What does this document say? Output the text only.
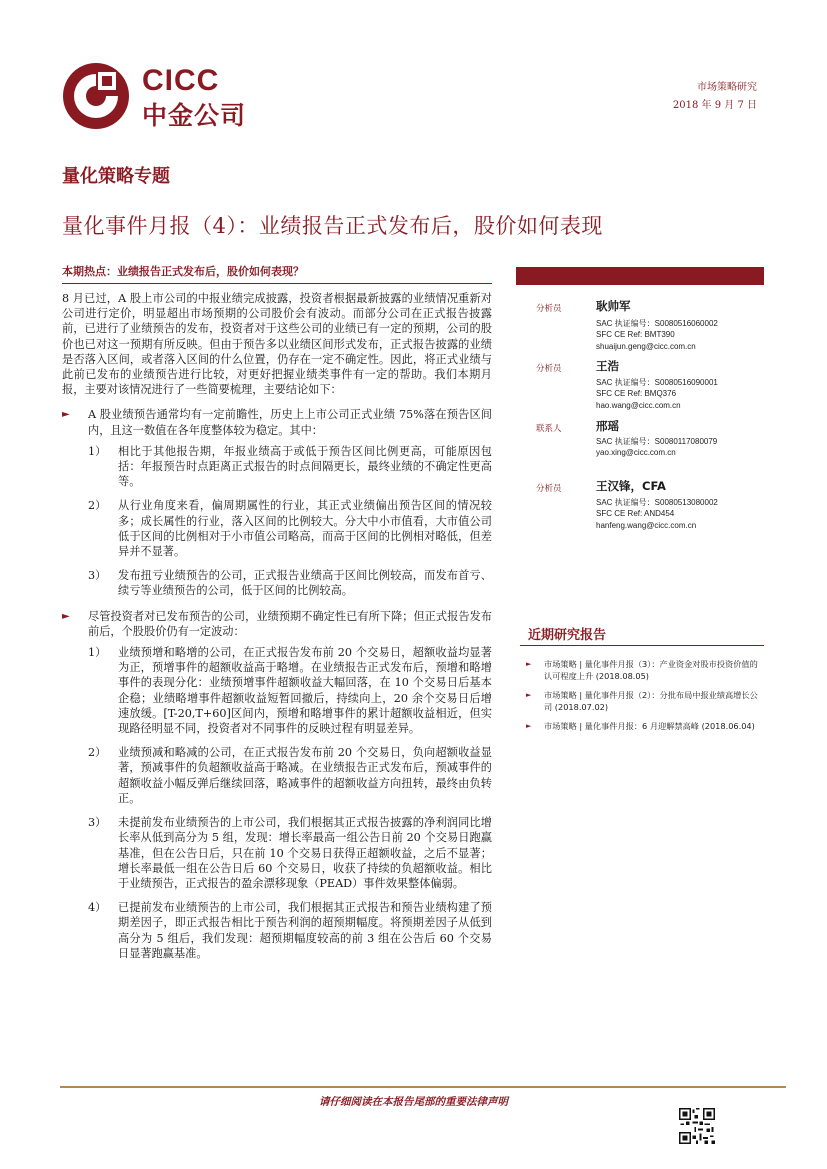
CICC
中金公司
市场策略研究
2018 年 9 月 7 日
量化策略专题
量化事件月报（4）：业绩报告正式发布后，股价如何表现
本期热点：业绩报告正式发布后，股价如何表现？

8 月已过，A 股上市公司的中报业绩完成披露，投资者根据最新披露的业绩情况重新对公司进行定价，明显超出市场预期的公司股价会有波动。而部分公司在正式报告披露前，已进行了业绩预告的发布，投资者对于这些公司的业绩已有一定的预期，公司的股价也已对这一预期有所反映。但由于预告多以业绩区间形式发布，正式报告披露的业绩是否落入区间，或者落入区间的什么位置，仍存在一定不确定性。因此，将正式业绩与此前已发布的业绩预告进行比较，对更好把握业绩类事件有一定的帮助。我们本期月报，主要对该情况进行了一些简要梳理，主要结论如下：

► A 股业绩预告通常均有一定前瞻性，历史上上市公司正式业绩 75%落在预告区间内，且这一数值在各年度整体较为稳定。其中：
1） 相比于其他报告期，年报业绩高于或低于预告区间比例更高，可能原因包括：年报预告时点距离正式报告的时点间隔更长，最终业绩的不确定性更高等。
2） 从行业角度来看，偏周期属性的行业，其正式业绩偏出预告区间的情况较多；成长属性的行业，落入区间的比例较大。分大中小市值看，大市值公司低于区间的比例相对于小市值公司略高，而高于区间的比例相对略低，但差异并不显著。
3） 发布扭亏业绩预告的公司，正式报告业绩高于区间比例较高，而发布首亏、续亏等业绩预告的公司，低于区间的比例较高。
► 尽管投资者对已发布预告的公司，业绩预期不确定性已有所下降；但正式报告发布前后，个股股价仍有一定波动：
1） 业绩预增和略增的公司，在正式报告发布前 20 个交易日，超额收益均显著为正，预增事件的超额收益高于略增。在业绩报告正式发布后，预增和略增事件的表现分化：业绩预增事件超额收益大幅回落，在 10 个交易日后基本企稳；业绩略增事件超额收益短暂回撤后，持续向上，20 余个交易日后增速放缓。[T-20,T+60]区间内，预增和略增事件的累计超额收益相近，但实现路径明显不同，投资者对不同事件的反映过程有明显差异。
2） 业绩预减和略减的公司，在正式报告发布前 20 个交易日，负向超额收益显著，预减事件的负超额收益高于略减。在业绩报告正式发布后，预减事件的超额收益小幅反弹后继续回落，略减事件的超额收益方向扭转，最终由负转正。
3） 未提前发布业绩预告的上市公司，我们根据其正式报告披露的净利润同比增长率从低到高分为 5 组，发现：增长率最高一组公告日前 20 个交易日跑赢基准，但在公告日后，只在前 10 个交易日获得正超额收益，之后不显著；增长率最低一组在公告日后 60 个交易日，收获了持续的负超额收益。相比于业绩预告，正式报告的盈余漂移现象（PEAD）事件效果整体偏弱。
4） 已提前发布业绩预告的上市公司，我们根据其正式报告和预告业绩构建了预期差因子，即正式报告相比于预告利润的超预期幅度。将预期差因子从低到高分为 5 组后，我们发现：超预期幅度较高的前 3 组在公告后 60 个交易日显著跑赢基准。
分析员	耿帅军
SAC 执证编号：S0080516060002
SFC CE Ref: BMT390
shuaijun.geng@cicc.com.cn
分析员	王浩
SAC 执证编号：S0080516090001
SFC CE Ref: BMQ376
hao.wang@cicc.com.cn
联系人	邢瑶
SAC 执证编号：S0080117080079
yao.xing@cicc.com.cn
分析员	王汉锋，CFA
SAC 执证编号：S0080513080002
SFC CE Ref: AND454
hanfeng.wang@cicc.com.cn
近期研究报告
► 市场策略 | 量化事件月报（3）：产业资金对股市投资价值的认可程度上升 (2018.08.05)
► 市场策略 | 量化事件月报（2）：分批布局中报业绩高增长公司 (2018.07.02)
► 市场策略 | 量化事件月报：6 月迎解禁高峰 (2018.06.04)
请仔细阅读在本报告尾部的重要法律声明
